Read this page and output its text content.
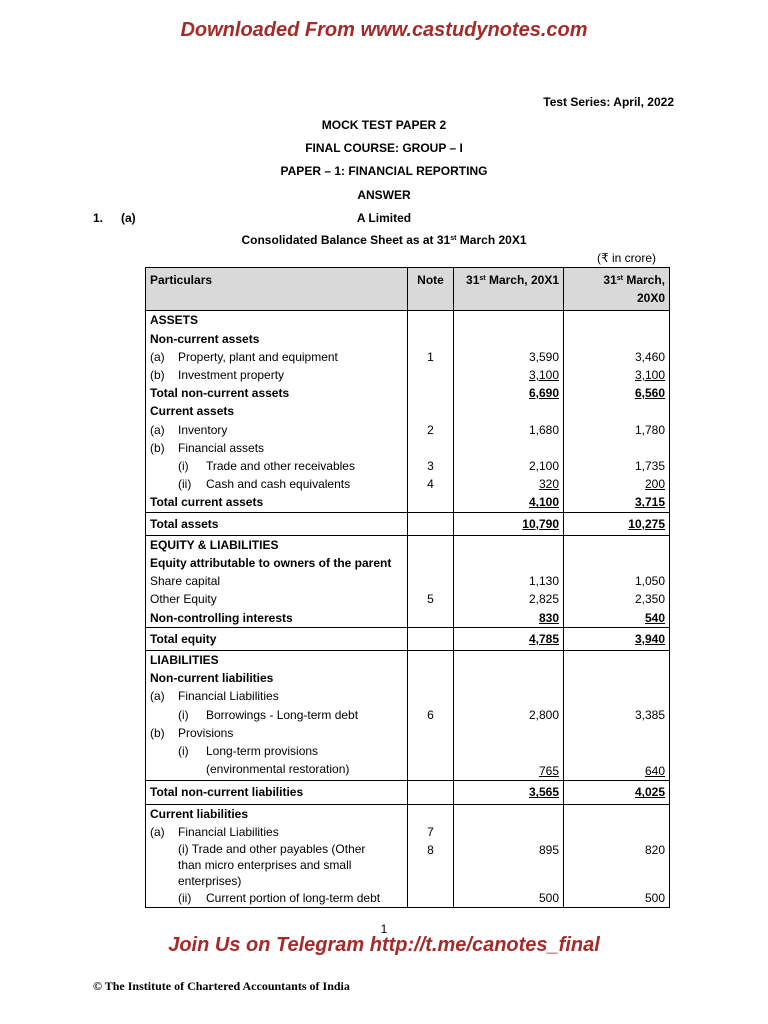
Downloaded From www.castudynotes.com
Test Series: April, 2022
MOCK TEST PAPER 2
FINAL COURSE: GROUP – I
PAPER – 1: FINANCIAL REPORTING
ANSWER
1. (a)	A Limited
Consolidated Balance Sheet as at 31st March 20X1
(₹ in crore)
Particulars	Note	31st March, 20X1	31st March,
20X0
ASSETS			
Non-current assets			
(a) Property, plant and equipment	1	3,590	3,460
(b) Investment property		3,100	3,100
Total non-current assets		6,690	6,560
Current assets			
(a) Inventory	2	1,680	1,780
(b) Financial assets			
(i) Trade and other receivables	3	2,100	1,735
(ii) Cash and cash equivalents	4	320	200
Total current assets		4,100	3,715
Total assets		10,790	10,275
EQUITY & LIABILITIES			
Equity attributable to owners of the parent			
Share capital		1,130	1,050
Other Equity	5	2,825	2,350
Non-controlling interests		830	540
Total equity		4,785	3,940
LIABILITIES			
Non-current liabilities			
(a) Financial Liabilities			
(i) Borrowings - Long-term debt	6	2,800	3,385
(b) Provisions			
(i) Long-term provisions
(environmental restoration)		765	640
Total non-current liabilities		3,565	4,025
Current liabilities			
(a) Financial Liabilities	7		

(i) Trade and other payables (Other
than micro enterprises and small
enterprises)	8	895	820
(ii) Current portion of long-term debt		500	500
1
Join Us on Telegram http://t.me/canotes_final
© The Institute of Chartered Accountants of India
